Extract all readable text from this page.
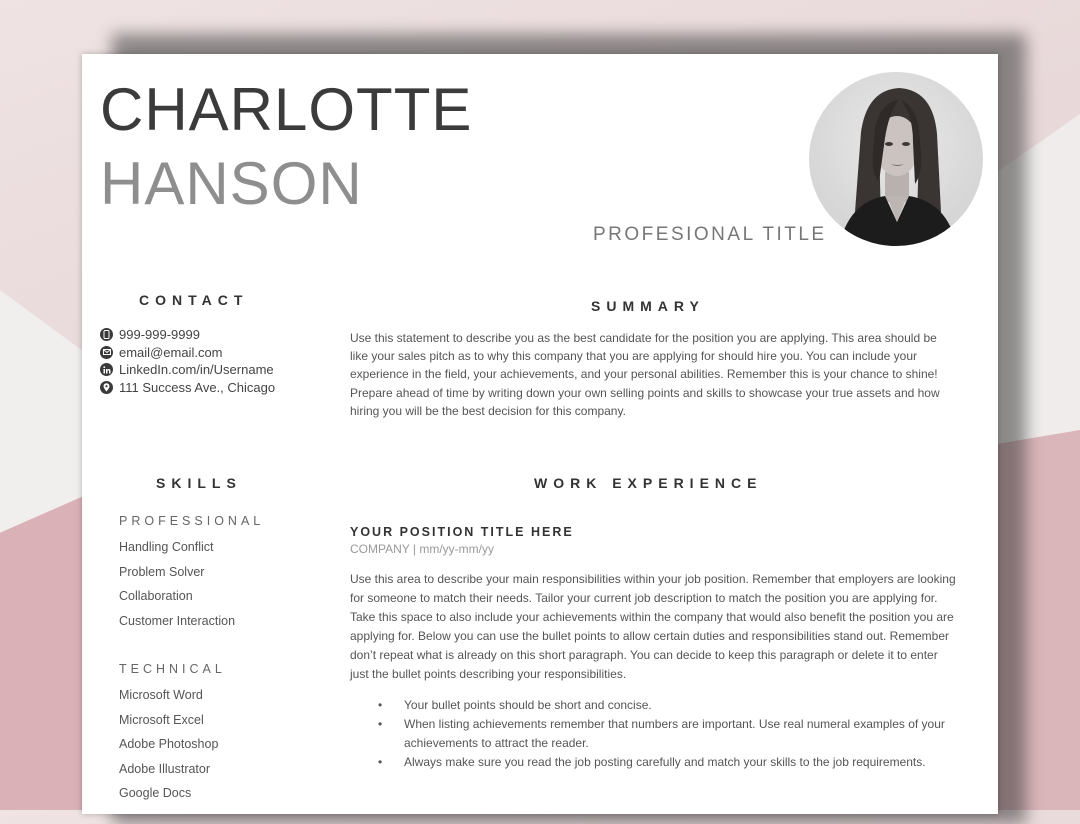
CHARLOTTE
HANSON
PROFESIONAL TITLE
CONTACT
999-999-9999
email@email.com
LinkedIn.com/in/Username
111 Success Ave., Chicago
SUMMARY
Use this statement to describe you as the best candidate for the position you are applying. This area should be like your sales pitch as to why this company that you are applying for should hire you. You can include your experience in the field, your achievements, and your personal abilities. Remember this is your chance to shine! Prepare ahead of time by writing down your own selling points and skills to showcase your true assets and how hiring you will be the best decision for this company.
SKILLS
PROFESSIONAL
Handling Conflict
Problem Solver
Collaboration
Customer Interaction
TECHNICAL
Microsoft Word
Microsoft Excel
Adobe Photoshop
Adobe Illustrator
Google Docs
WORK EXPERIENCE
YOUR POSITION TITLE HERE
COMPANY | mm/yy-mm/yy
Use this area to describe your main responsibilities within your job position. Remember that employers are looking for someone to match their needs. Tailor your current job description to match the position you are applying for. Take this space to also include your achievements within the company that would also benefit the position you are applying for. Below you can use the bullet points to allow certain duties and responsibilities stand out. Remember don’t repeat what is already on this short paragraph. You can decide to keep this paragraph or delete it to enter just the bullet points describing your responsibilities.
• Your bullet points should be short and concise.
• When listing achievements remember that numbers are important. Use real numeral examples of your achievements to attract the reader.
• Always make sure you read the job posting carefully and match your skills to the job requirements.
